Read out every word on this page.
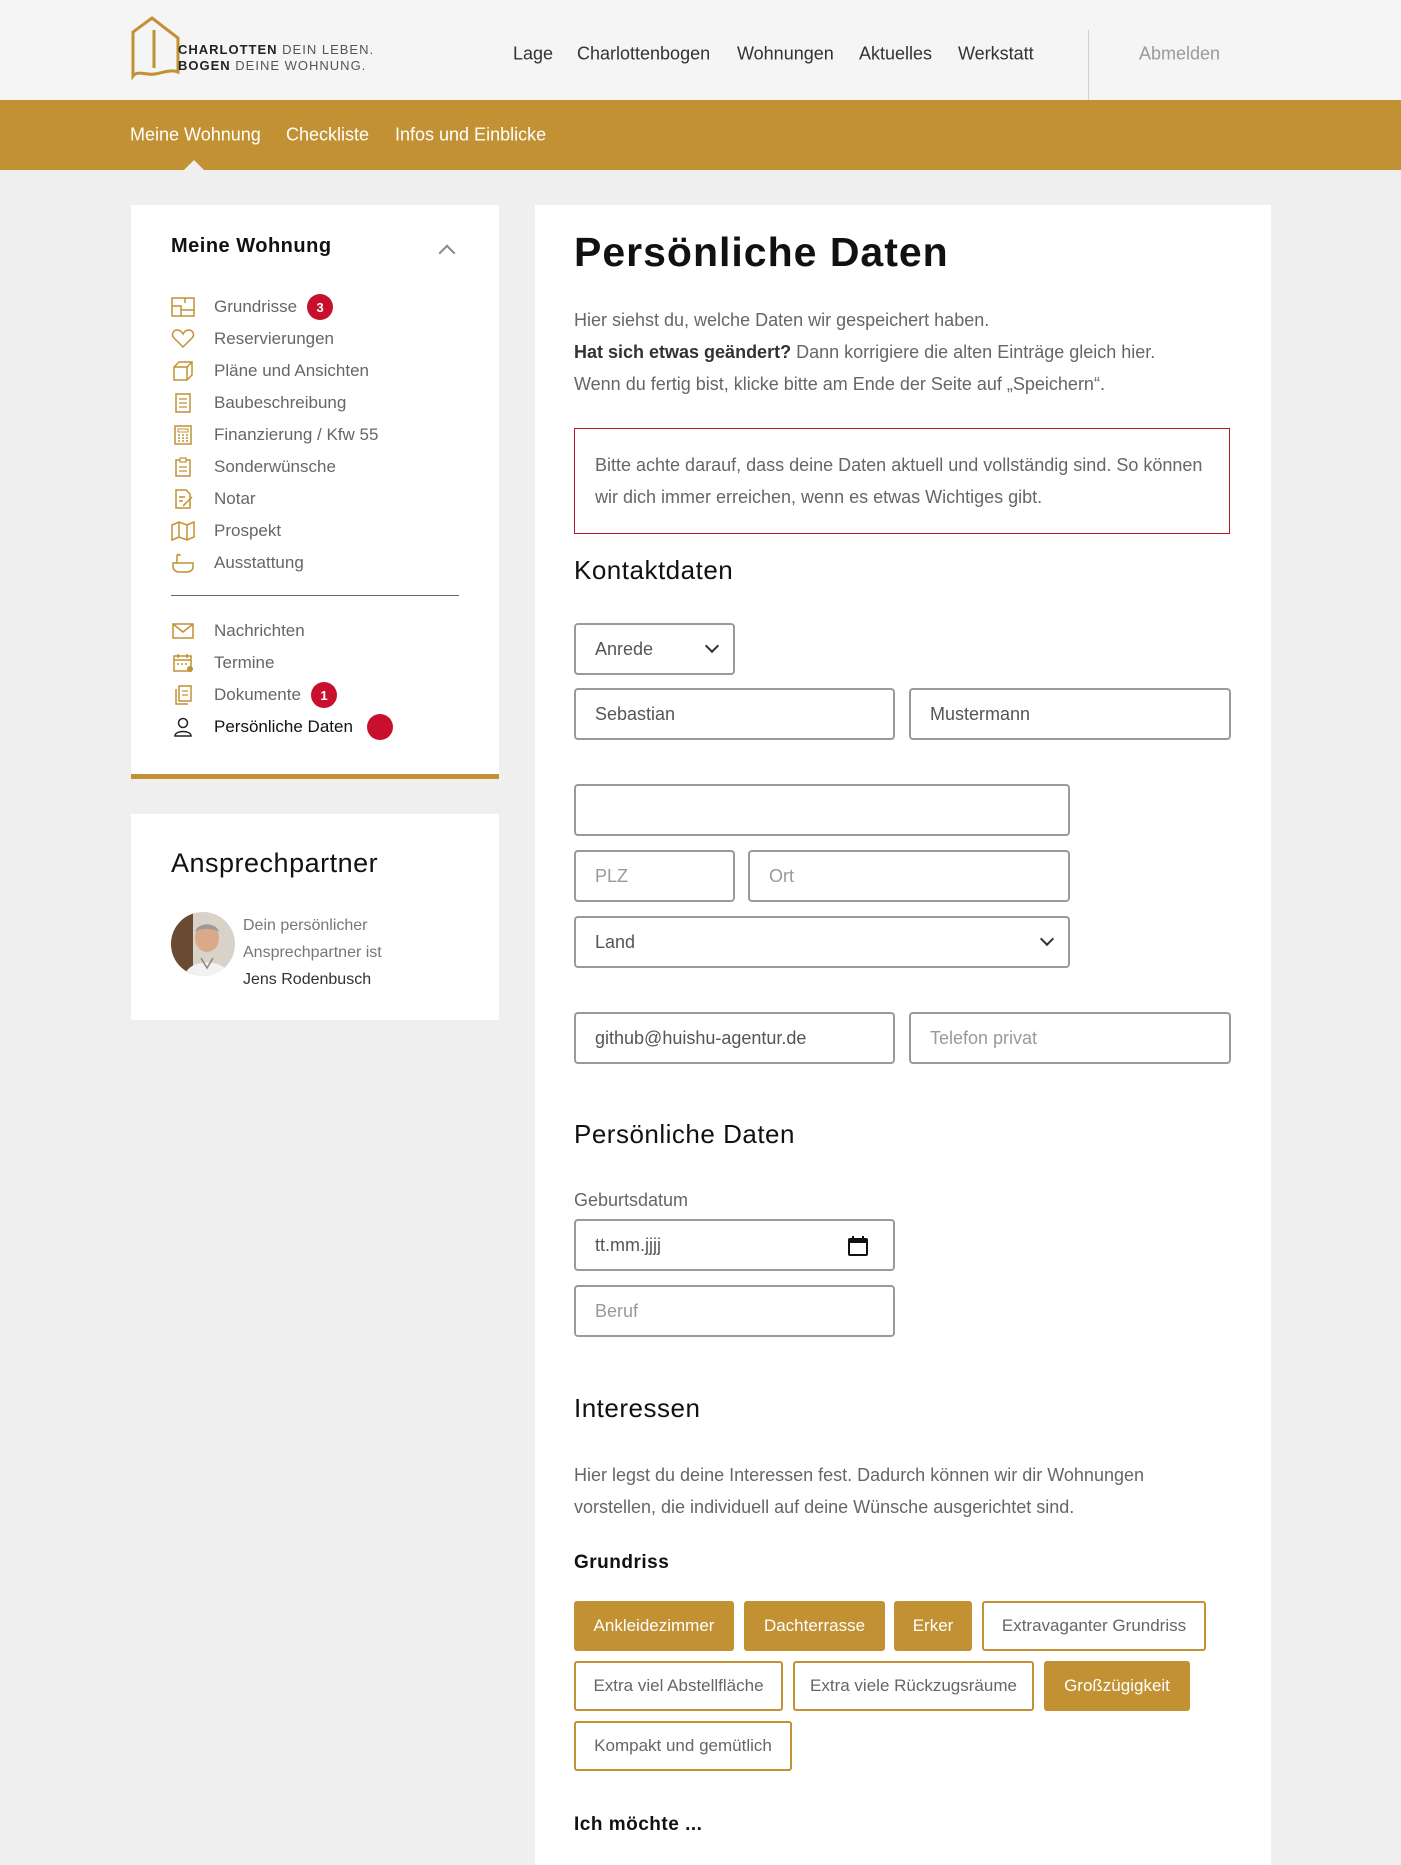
CHARLOTTEN DEIN LEBEN.
BOGEN DEINE WOHNUNG.
Lage Charlottenbogen Wohnungen Aktuelles Werkstatt	Abmelden
Meine Wohnung Checkliste Infos und Einblicke
Meine Wohnung
Grundrisse	3
Reservierungen
Pläne und Ansichten
Baubeschreibung
Finanzierung / Kfw 55
Sonderwünsche
Notar
Prospekt
Ausstattung
Nachrichten
Termine
Dokumente	1
Persönliche Daten
Ansprechpartner
Dein persönlicher
Ansprechpartner ist
Jens Rodenbusch
Persönliche Daten
Hier siehst du, welche Daten wir gespeichert haben.
Hat sich etwas geändert? Dann korrigiere die alten Einträge gleich hier.
Wenn du fertig bist, klicke bitte am Ende der Seite auf „Speichern“.
Bitte achte darauf, dass deine Daten aktuell und vollständig sind. So können wir dich immer erreichen, wenn es etwas Wichtiges gibt.
Kontaktdaten
Anrede
Sebastian	Mustermann
PLZ	Ort
Land
github@huishu-agentur.de	Telefon privat
Persönliche Daten
Geburtsdatum
tt.mm.jjjj
Beruf
Interessen
Hier legst du deine Interessen fest. Dadurch können wir dir Wohnungen
vorstellen, die individuell auf deine Wünsche ausgerichtet sind.
Grundriss
Ankleidezimmer	Dachterrasse	Erker	Extravaganter Grundriss
Extra viel Abstellfläche	Extra viele Rückzugsräume	Großzügigkeit
Kompakt und gemütlich
Ich möchte ...
